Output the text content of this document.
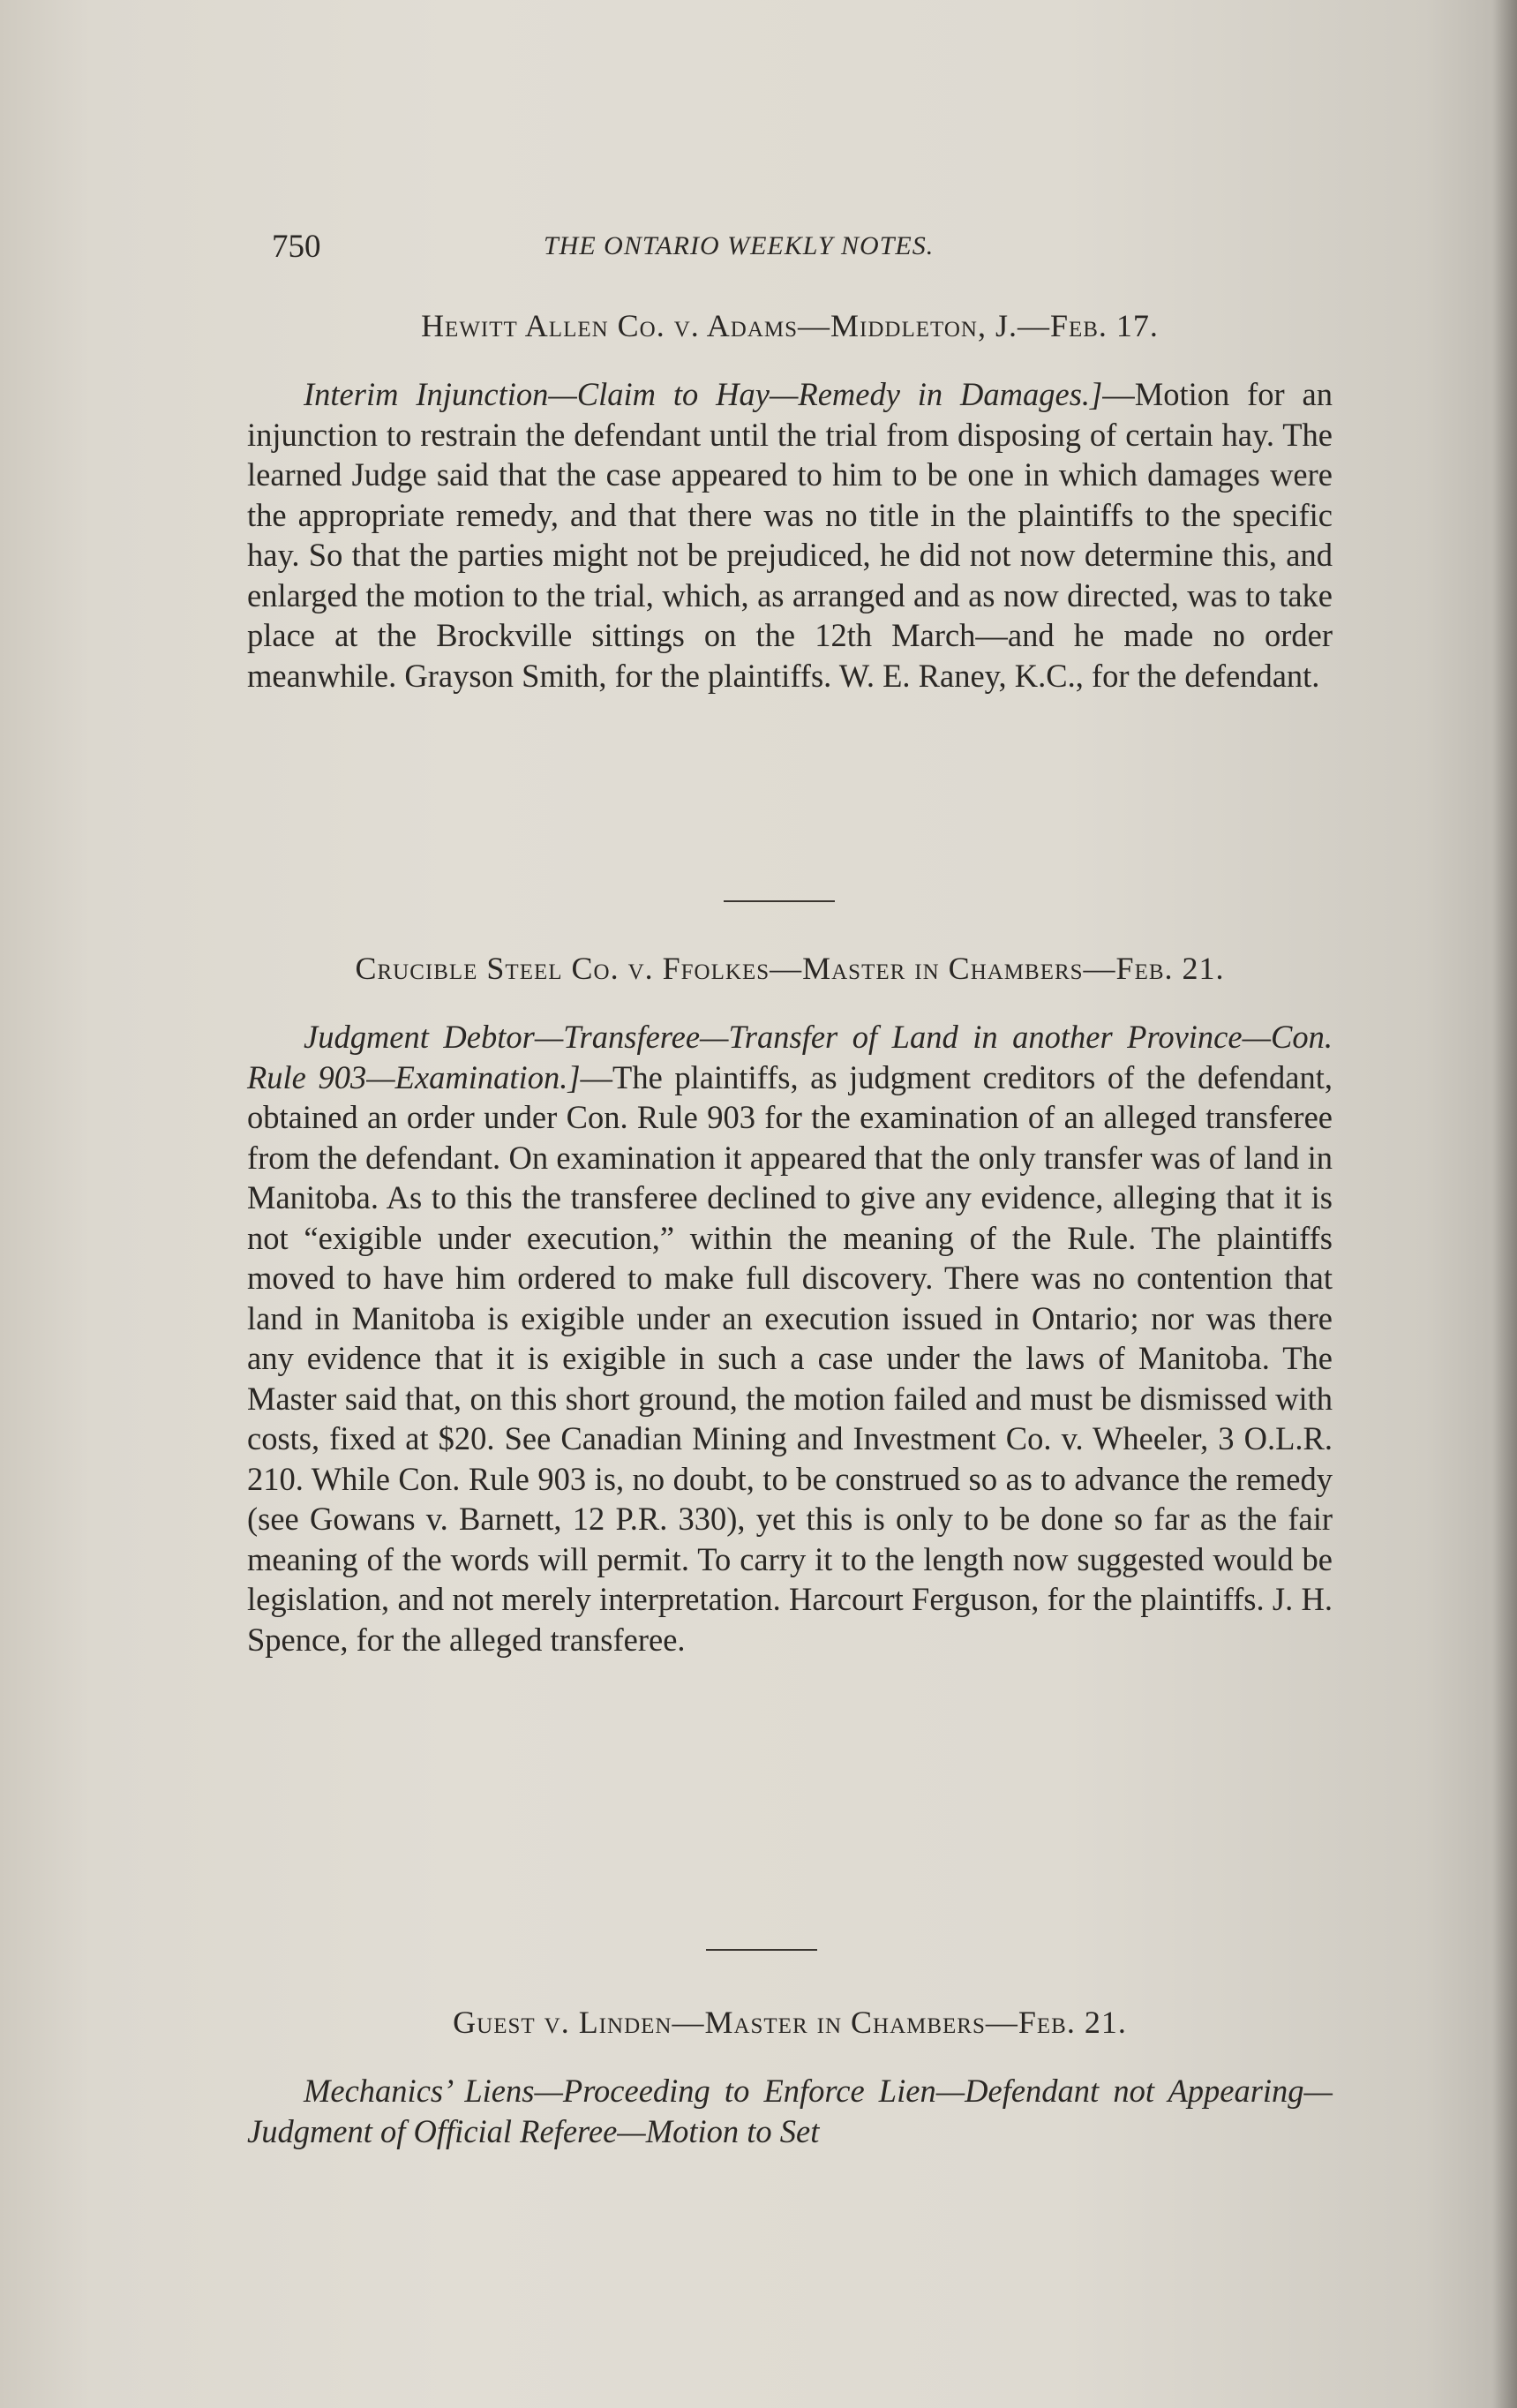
750	THE ONTARIO WEEKLY NOTES.
Hewitt Allen Co. v. Adams—Middleton, J.—Feb. 17.

Interim Injunction—Claim to Hay—Remedy in Damages.]—Motion for an injunction to restrain the defendant until the trial from disposing of certain hay. The learned Judge said that the case appeared to him to be one in which damages were the appropriate remedy, and that there was no title in the plaintiffs to the specific hay. So that the parties might not be prejudiced, he did not now determine this, and enlarged the motion to the trial, which, as arranged and as now directed, was to take place at the Brockville sittings on the 12th March—and he made no order meanwhile. Grayson Smith, for the plaintiffs. W. E. Raney, K.C., for the defendant.

Crucible Steel Co. v. Ffolkes—Master in Chambers—Feb. 21.

Judgment Debtor—Transferee—Transfer of Land in another Province—Con. Rule 903—Examination.]—The plaintiffs, as judgment creditors of the defendant, obtained an order under Con. Rule 903 for the examination of an alleged transferee from the defendant. On examination it appeared that the only transfer was of land in Manitoba. As to this the transferee declined to give any evidence, alleging that it is not “exigible under execution,” within the meaning of the Rule. The plaintiffs moved to have him ordered to make full discovery. There was no contention that land in Manitoba is exigible under an execution issued in Ontario; nor was there any evidence that it is exigible in such a case under the laws of Manitoba. The Master said that, on this short ground, the motion failed and must be dismissed with costs, fixed at $20. See Canadian Mining and Investment Co. v. Wheeler, 3 O.L.R. 210. While Con. Rule 903 is, no doubt, to be construed so as to advance the remedy (see Gowans v. Barnett, 12 P.R. 330), yet this is only to be done so far as the fair meaning of the words will permit. To carry it to the length now suggested would be legislation, and not merely interpretation. Harcourt Ferguson, for the plaintiffs. J. H. Spence, for the alleged transferee.

Guest v. Linden—Master in Chambers—Feb. 21.

Mechanics’ Liens—Proceeding to Enforce Lien—Defendant not Appearing—Judgment of Official Referee—Motion to Set
